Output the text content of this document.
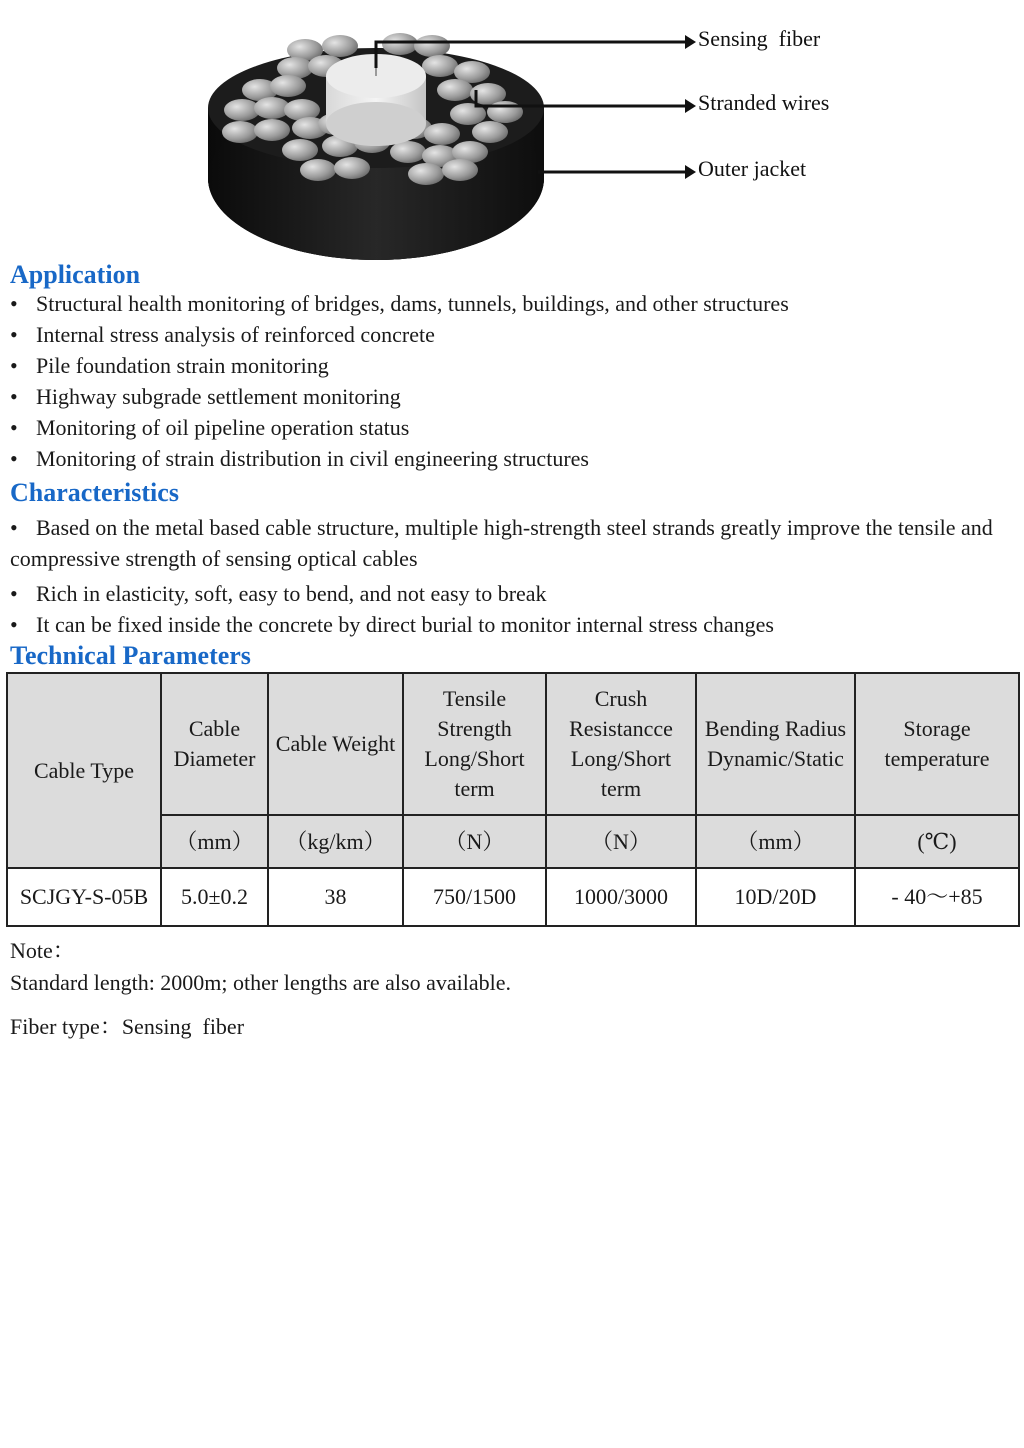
Sensing  fiber
Stranded wires
Outer jacket
Application
• Structural health monitoring of bridges, dams, tunnels, buildings, and other structures
• Internal stress analysis of reinforced concrete
• Pile foundation strain monitoring
• Highway subgrade settlement monitoring
• Monitoring of oil pipeline operation status
• Monitoring of strain distribution in civil engineering structures
Characteristics
• Based on the metal based cable structure, multiple high-strength steel strands greatly improve the tensile and compressive strength of sensing optical cables
• Rich in elasticity, soft, easy to bend, and not easy to break
• It can be fixed inside the concrete by direct burial to monitor internal stress changes
Technical Parameters
Cable Type	Cable Diameter	Cable Weight	Tensile Strength Long/Short term	Crush Resistancce Long/Short term	Bending Radius Dynamic/Static	Storage temperature
	（mm）	（kg/km）	（N）	（N）	（mm）	(℃)
SCJGY-S-05B	5.0±0.2	38	750/1500	1000/3000	10D/20D	- 40～+85
Note：
Standard length: 2000m; other lengths are also available.
Fiber type：Sensing  fiber
